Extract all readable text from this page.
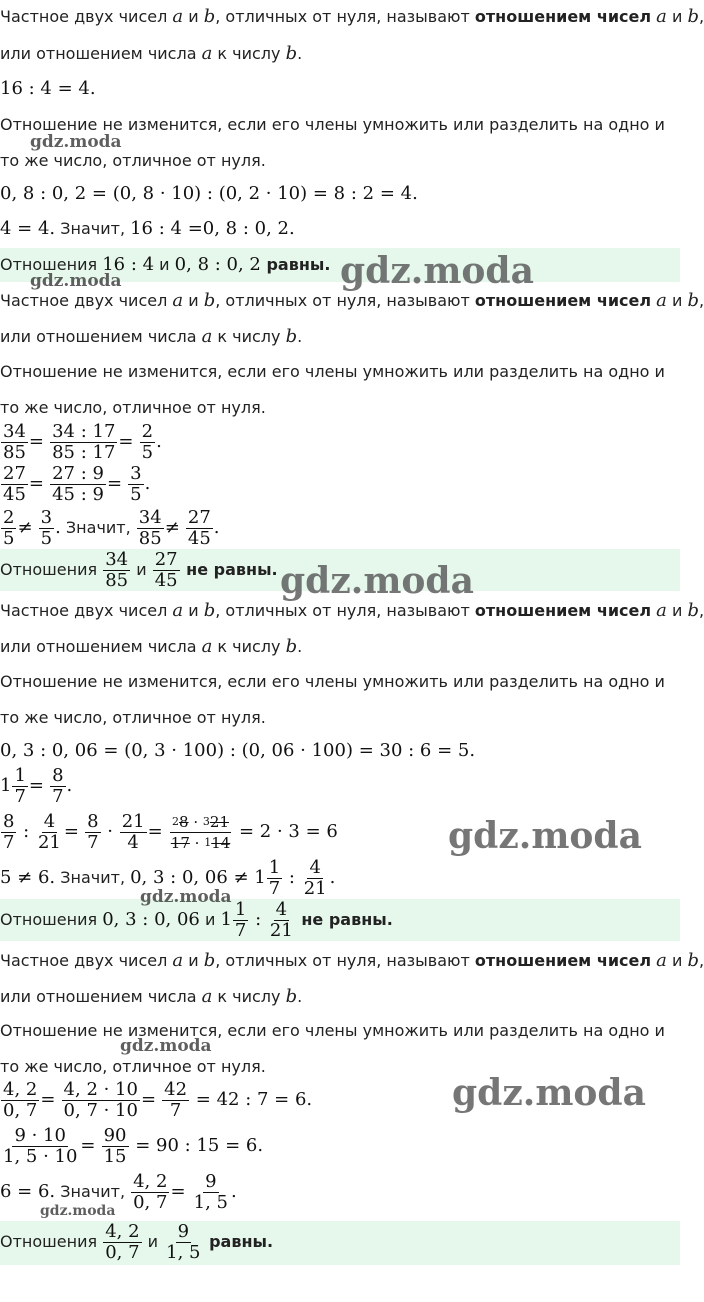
Частное двух чисел a и b, отличных от нуля, называют отношением чисел a и b,
или отношением числа a к числу b.
16 : 4 = 4.
Отношение не изменится, если его члены умножить или разделить на одно и
то же число, отличное от нуля.
0, 8 : 0, 2 = (0, 8 · 10) : (0, 2 · 10) = 8 : 2 = 4.
4 = 4. Значит, 16 : 4 =0, 8 : 0, 2.
Отношения 16 : 4 и 0, 8 : 0, 2 равны.
Частное двух чисел a и b, отличных от нуля, называют отношением чисел a и b,
или отношением числа a к числу b.
Отношение не изменится, если его члены умножить или разделить на одно и
то же число, отличное от нуля.
$\frac{34}{85} = \frac{34 : 17}{85 : 17} = \frac{2}{5}$ .
$\frac{27}{45} = \frac{27 : 9}{45 : 9} = \frac{3}{5}$ .
$\frac{2}{5} \ne \frac{3}{5}$ . Значит, $\frac{34}{85} \ne \frac{27}{45}$ .
Отношения $\frac{34}{85}$ и $\frac{27}{45}$ не равны.
Частное двух чисел a и b, отличных от нуля, называют отношением чисел a и b,
или отношением числа a к числу b.
Отношение не изменится, если его члены умножить или разделить на одно и
то же число, отличное от нуля.
0, 3 : 0, 06 = (0, 3 · 100) : (0, 06 · 100) = 30 : 6 = 5.
$1 \frac{1}{7} = \frac{8}{7}$ .
$\frac{8}{7}$ : $\frac{4}{21} = \frac{8}{7} \cdot \frac{21}{4} = \frac{^28 \cdot ^321}{17 \cdot ^114} = 2 \cdot 3 = 6$
5 ≠ 6. Значит, 0, 3 : 0, $06 \ne 1 \frac{1}{7}$ : $\frac{4}{21}$ .
Отношения 0, 3 : 0, 06 и $1 \frac{1}{7}$ : $\frac{4}{21}$ не равны.
Частное двух чисел a и b, отличных от нуля, называют отношением чисел a и b,
или отношением числа a к числу b.
Отношение не изменится, если его члены умножить или разделить на одно и
то же число, отличное от нуля.
$\frac{4, 2}{0, 7} = \frac{4, 2 \cdot 10}{0, 7 \cdot 10} = \frac{42}{7} = 42$ : 7 = 6.
$\frac{9 \cdot 10}{1, 5 \cdot 10} = \frac{90}{15} = 90$ : 15 = 6.
6 = 6. Значит, $\frac{4, 2}{0, 7} = \frac{9}{1, 5}$ .
Отношения $\frac{4, 2}{0, 7}$ и $\frac{9}{1, 5}$ равны.
gdz.moda
gdz.moda	gdz.moda
gdz.moda
gdz.moda
gdz.moda
gdz.moda
gdz.moda
gdz.moda
